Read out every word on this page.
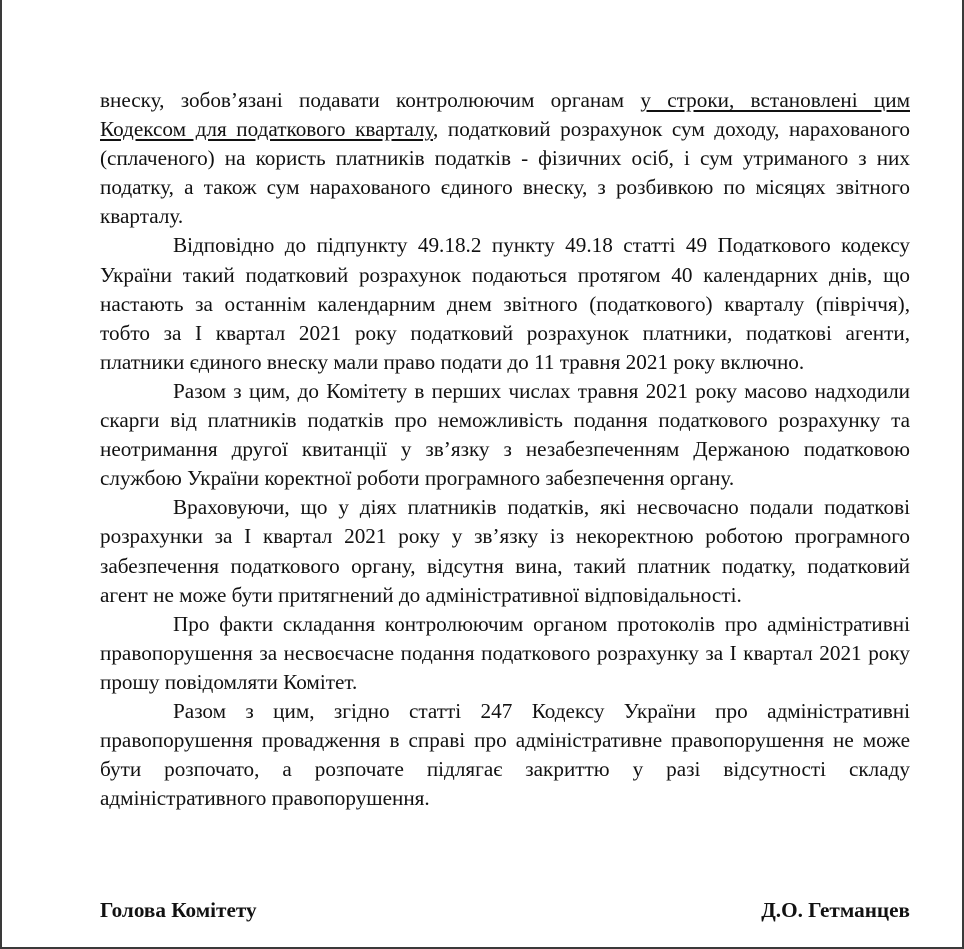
внеску, зобов’язані подавати контролюючим органам у строки, встановлені цим Кодексом для податкового кварталу, податковий розрахунок сум доходу, нарахованого (сплаченого) на користь платників податків - фізичних осіб, і сум утриманого з них податку, а також сум нарахованого єдиного внеску, з розбивкою по місяцях звітного кварталу.

Відповідно до підпункту 49.18.2 пункту 49.18 статті 49 Податкового кодексу України такий податковий розрахунок подаються протягом 40 календарних днів, що настають за останнім календарним днем звітного (податкового) кварталу (півріччя), тобто за І квартал 2021 року податковий розрахунок платники, податкові агенти, платники єдиного внеску мали право подати до 11 травня 2021 року включно.

Разом з цим, до Комітету в перших числах травня 2021 року масово надходили скарги від платників податків про неможливість подання податкового розрахунку та неотримання другої квитанції у зв’язку з незабезпеченням Держаною податковою службою України коректної роботи програмного забезпечення органу.

Враховуючи, що у діях платників податків, які несвочасно подали податкові розрахунки за І квартал 2021 року у зв’язку із некоректною роботою програмного забезпечення податкового органу, відсутня вина, такий платник податку, податковий агент не може бути притягнений до адміністративної відповідальності.

Про факти складання контролюючим органом протоколів про адміністративні правопорушення за несвоєчасне подання податкового розрахунку за І квартал 2021 року прошу повідомляти Комітет.

Разом з цим, згідно статті 247 Кодексу України про адміністративні правопорушення провадження в справі про адміністративне правопорушення не може бути розпочато, а розпочате підлягає закриттю у разі відсутності складу адміністративного правопорушення.

Голова Комітету	Д.О. Гетманцев
